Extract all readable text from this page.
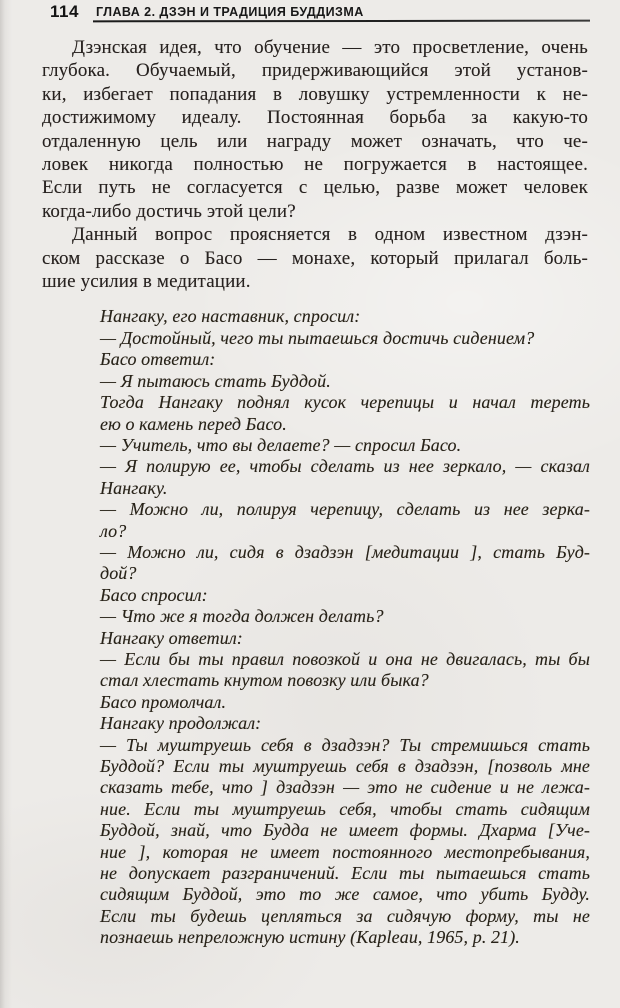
114 ГЛАВА 2. ДЗЭН И ТРАДИЦИЯ БУДДИЗМА
Дзэнская идея, что обучение — это просветление, очень
глубока. Обучаемый, придерживающийся этой установ-
ки, избегает попадания в ловушку устремленности к не-
достижимому идеалу. Постоянная борьба за какую-то
отдаленную цель или награду может означать, что че-
ловек никогда полностью не погружается в настоящее.
Если путь не согласуется с целью, разве может человек
когда-либо достичь этой цели?
Данный вопрос проясняется в одном известном дзэн-
ском рассказе о Басо — монахе, который прилагал боль-
шие усилия в медитации.
Нангаку, его наставник, спросил:
— Достойный, чего ты пытаешься достичь сидением?
Басо ответил:
— Я пытаюсь стать Буддой.
Тогда Нангаку поднял кусок черепицы и начал тереть
ею о камень перед Басо.
— Учитель, что вы делаете? — спросил Басо.
— Я полирую ее, чтобы сделать из нее зеркало, — сказал
Нангаку.
— Можно ли, полируя черепицу, сделать из нее зерка-
ло?
— Можно ли, сидя в дзадзэн [медитации ], стать Буд-
дой?
Басо спросил:
— Что же я тогда должен делать?
Нангаку ответил:
— Если бы ты правил повозкой и она не двигалась, ты бы
стал хлестать кнутом повозку или быка?
Басо промолчал.
Нангаку продолжал:
— Ты муштруешь себя в дзадзэн? Ты стремишься стать
Буддой? Если ты муштруешь себя в дзадзэн, [позволь мне
сказать тебе, что ] дзадзэн — это не сидение и не лежа-
ние. Если ты муштруешь себя, чтобы стать сидящим
Буддой, знай, что Будда не имеет формы. Дхарма [Уче-
ние ], которая не имеет постоянного местопребывания,
не допускает разграничений. Если ты пытаешься стать
сидящим Буддой, это то же самое, что убить Будду.
Если ты будешь цепляться за сидячую форму, ты не
познаешь непреложную истину (Kapleau, 1965, p. 21).
